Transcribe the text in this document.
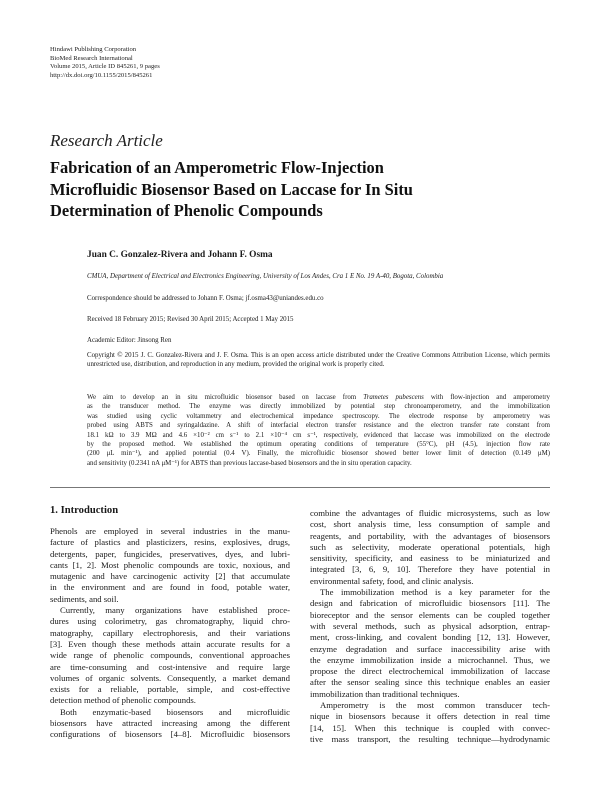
Hindawi Publishing Corporation
BioMed Research International
Volume 2015, Article ID 845261, 9 pages
http://dx.doi.org/10.1155/2015/845261
Research Article
Fabrication of an Amperometric Flow-Injection
Microfluidic Biosensor Based on Laccase for In Situ
Determination of Phenolic Compounds
Juan C. Gonzalez-Rivera and Johann F. Osma
CMUA, Department of Electrical and Electronics Engineering, University of Los Andes, Cra 1 E No. 19 A-40, Bogota, Colombia
Correspondence should be addressed to Johann F. Osma; jf.osma43@uniandes.edu.co
Received 18 February 2015; Revised 30 April 2015; Accepted 1 May 2015
Academic Editor: Jinsong Ren
Copyright © 2015 J. C. Gonzalez-Rivera and J. F. Osma. This is an open access article distributed under the Creative Commons Attribution License, which permits unrestricted use, distribution, and reproduction in any medium, provided the original work is properly cited.
We aim to develop an in situ microfluidic biosensor based on laccase from Trametes pubescens with flow-injection and amperometry
as the transducer method. The enzyme was directly immobilized by potential step chronoamperometry, and the immobilization
was studied using cyclic voltammetry and electrochemical impedance spectroscopy. The electrode response by amperometry was
probed using ABTS and syringaldazine. A shift of interfacial electron transfer resistance and the electron transfer rate constant from
18.1 kΩ to 3.9 MΩ and 4.6 ×10⁻² cm s⁻¹ to 2.1 ×10⁻⁴ cm s⁻¹, respectively, evidenced that laccase was immobilized on the electrode
by the proposed method. We established the optimum operating conditions of temperature (55°C), pH (4.5), injection flow rate
(200 μL min⁻¹), and applied potential (0.4 V). Finally, the microfluidic biosensor showed better lower limit of detection (0.149 μM)
and sensitivity (0.2341 nA μM⁻¹) for ABTS than previous laccase-based biosensors and the in situ operation capacity.
1. Introduction
Phenols are employed in several industries in the manu-
facture of plastics and plasticizers, resins, explosives, drugs,
detergents, paper, fungicides, preservatives, dyes, and lubri-
cants [1, 2]. Most phenolic compounds are toxic, noxious, and
mutagenic and have carcinogenic activity [2] that accumulate
in the environment and are found in food, potable water,
sediments, and soil.
Currently, many organizations have established proce-
dures using colorimetry, gas chromatography, liquid chro-
matography, capillary electrophoresis, and their variations
[3]. Even though these methods attain accurate results for a
wide range of phenolic compounds, conventional approaches
are time-consuming and cost-intensive and require large
volumes of organic solvents. Consequently, a market demand
exists for a reliable, portable, simple, and cost-effective
detection method of phenolic compounds.
Both enzymatic-based biosensors and microfluidic
biosensors have attracted increasing among the different
configurations of biosensors [4–8]. Microfluidic biosensors
combine the advantages of fluidic microsystems, such as low
cost, short analysis time, less consumption of sample and
reagents, and portability, with the advantages of biosensors
such as selectivity, moderate operational potentials, high
sensitivity, specificity, and easiness to be miniaturized and
integrated [3, 6, 9, 10]. Therefore they have potential in
environmental safety, food, and clinic analysis.
The immobilization method is a key parameter for the
design and fabrication of microfluidic biosensors [11]. The
bioreceptor and the sensor elements can be coupled together
with several methods, such as physical adsorption, entrap-
ment, cross-linking, and covalent bonding [12, 13]. However,
enzyme degradation and surface inaccessibility arise with
the enzyme immobilization inside a microchannel. Thus, we
propose the direct electrochemical immobilization of laccase
after the sensor sealing since this technique enables an easier
immobilization than traditional techniques.
Amperometry is the most common transducer tech-
nique in biosensors because it offers detection in real time
[14, 15]. When this technique is coupled with convec-
tive mass transport, the resulting technique—hydrodynamic
